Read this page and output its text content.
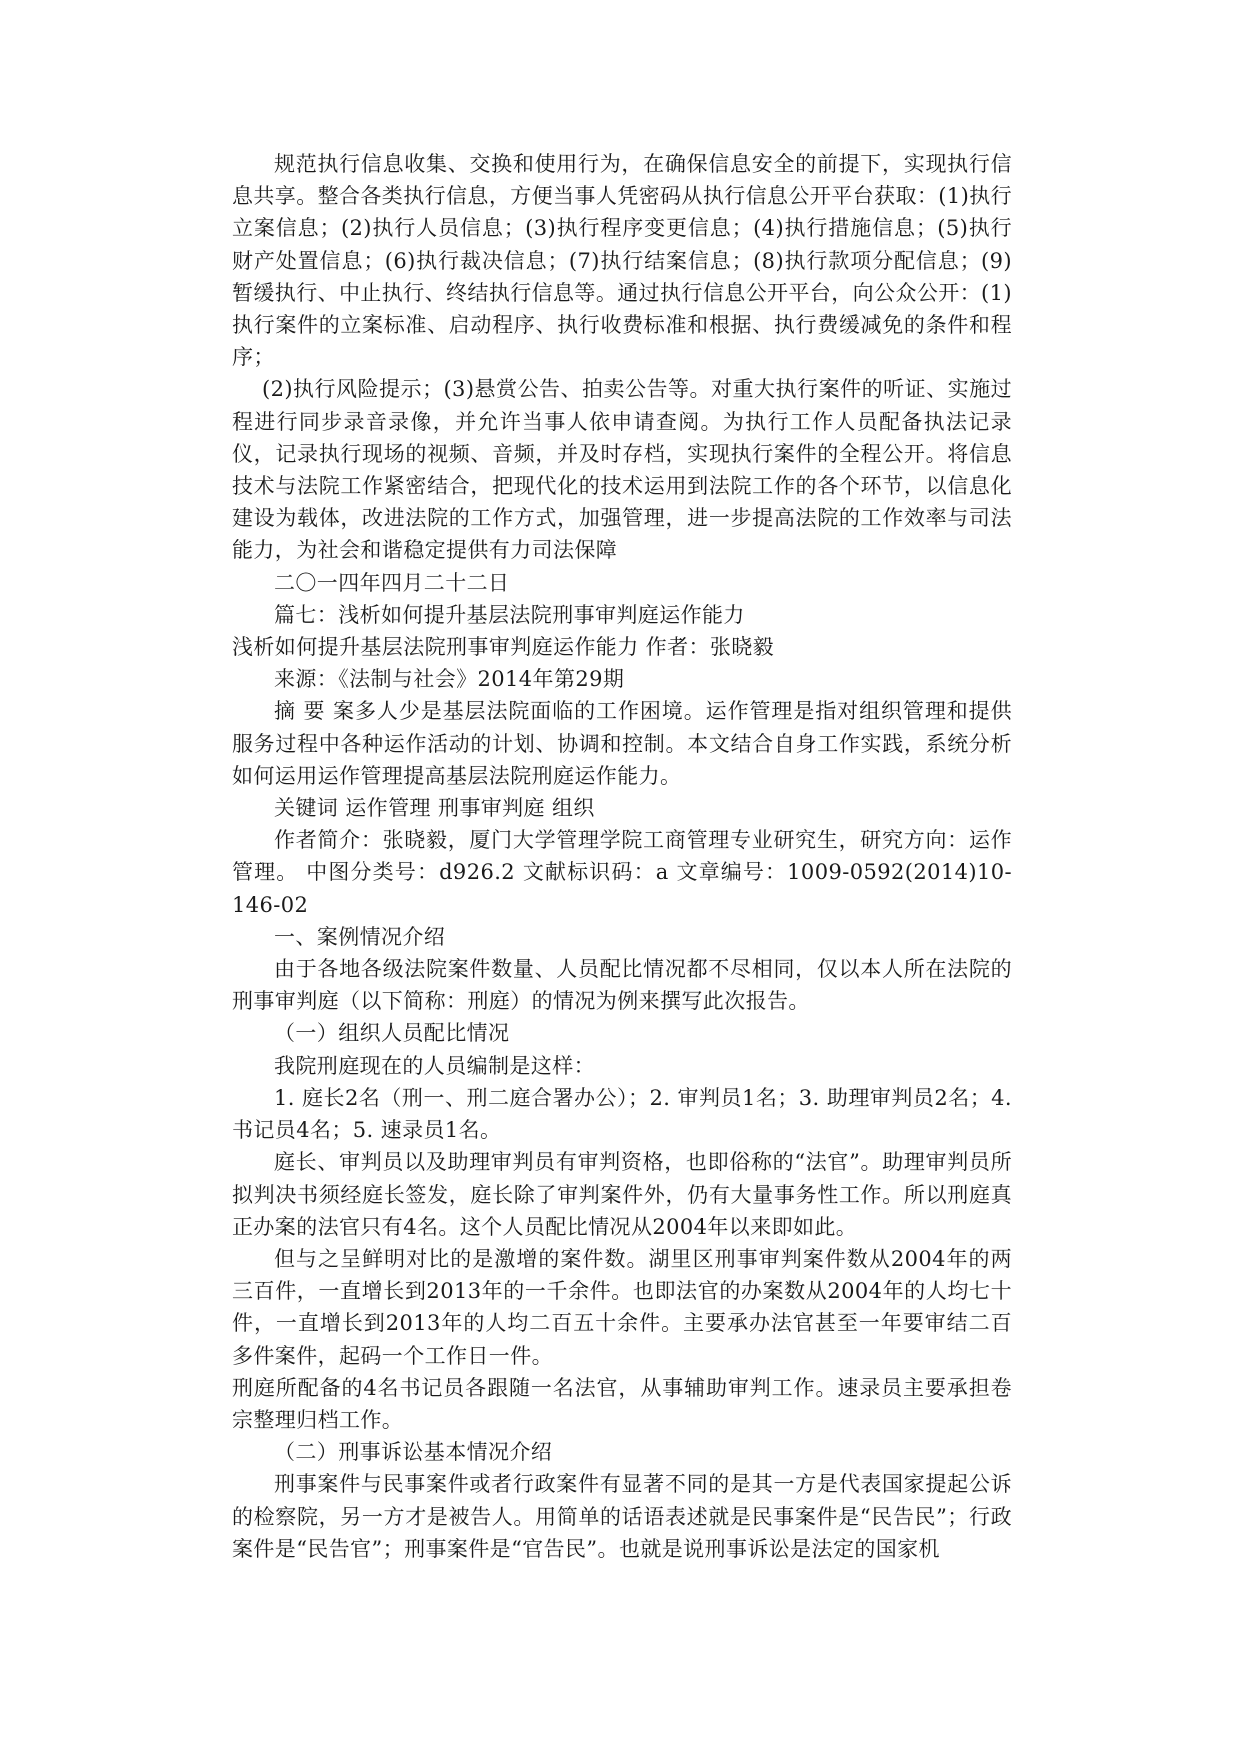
规范执行信息收集、交换和使用行为，在确保信息安全的前提下，实现执行信息共享。整合各类执行信息，方便当事人凭密码从执行信息公开平台获取：(1)执行立案信息；(2)执行人员信息；(3)执行程序变更信息；(4)执行措施信息；(5)执行财产处置信息；(6)执行裁决信息；(7)执行结案信息；(8)执行款项分配信息；(9)暂缓执行、中止执行、终结执行信息等。通过执行信息公开平台，向公众公开：(1)执行案件的立案标准、启动程序、执行收费标准和根据、执行费缓减免的条件和程序；

(2)执行风险提示；(3)悬赏公告、拍卖公告等。对重大执行案件的听证、实施过程进行同步录音录像，并允许当事人依申请查阅。为执行工作人员配备执法记录仪，记录执行现场的视频、音频，并及时存档，实现执行案件的全程公开。将信息技术与法院工作紧密结合，把现代化的技术运用到法院工作的各个环节，以信息化建设为载体，改进法院的工作方式，加强管理，进一步提高法院的工作效率与司法能力，为社会和谐稳定提供有力司法保障

二〇一四年四月二十二日

篇七：浅析如何提升基层法院刑事审判庭运作能力

浅析如何提升基层法院刑事审判庭运作能力 作者：张晓毅

来源：《法制与社会》2014年第29期

摘 要 案多人少是基层法院面临的工作困境。运作管理是指对组织管理和提供服务过程中各种运作活动的计划、协调和控制。本文结合自身工作实践，系统分析如何运用运作管理提高基层法院刑庭运作能力。

关键词 运作管理 刑事审判庭 组织

作者简介：张晓毅，厦门大学管理学院工商管理专业研究生，研究方向：运作管理。 中图分类号：d926.2 文献标识码：a 文章编号：1009-0592(2014)10-146-02

一、案例情况介绍

由于各地各级法院案件数量、人员配比情况都不尽相同，仅以本人所在法院的刑事审判庭（以下简称：刑庭）的情况为例来撰写此次报告。

（一）组织人员配比情况

我院刑庭现在的人员编制是这样：

1. 庭长2名（刑一、刑二庭合署办公）；2. 审判员1名；3. 助理审判员2名；4. 书记员4名；5. 速录员1名。

庭长、审判员以及助理审判员有审判资格，也即俗称的“法官”。助理审判员所拟判决书须经庭长签发，庭长除了审判案件外，仍有大量事务性工作。所以刑庭真正办案的法官只有4名。这个人员配比情况从2004年以来即如此。

但与之呈鲜明对比的是激增的案件数。湖里区刑事审判案件数从2004年的两三百件，一直增长到2013年的一千余件。也即法官的办案数从2004年的人均七十件，一直增长到2013年的人均二百五十余件。主要承办法官甚至一年要审结二百多件案件，起码一个工作日一件。

刑庭所配备的4名书记员各跟随一名法官，从事辅助审判工作。速录员主要承担卷宗整理归档工作。

（二）刑事诉讼基本情况介绍

刑事案件与民事案件或者行政案件有显著不同的是其一方是代表国家提起公诉的检察院，另一方才是被告人。用简单的话语表述就是民事案件是“民告民”；行政案件是“民告官”；刑事案件是“官告民”。也就是说刑事诉讼是法定的国家机
